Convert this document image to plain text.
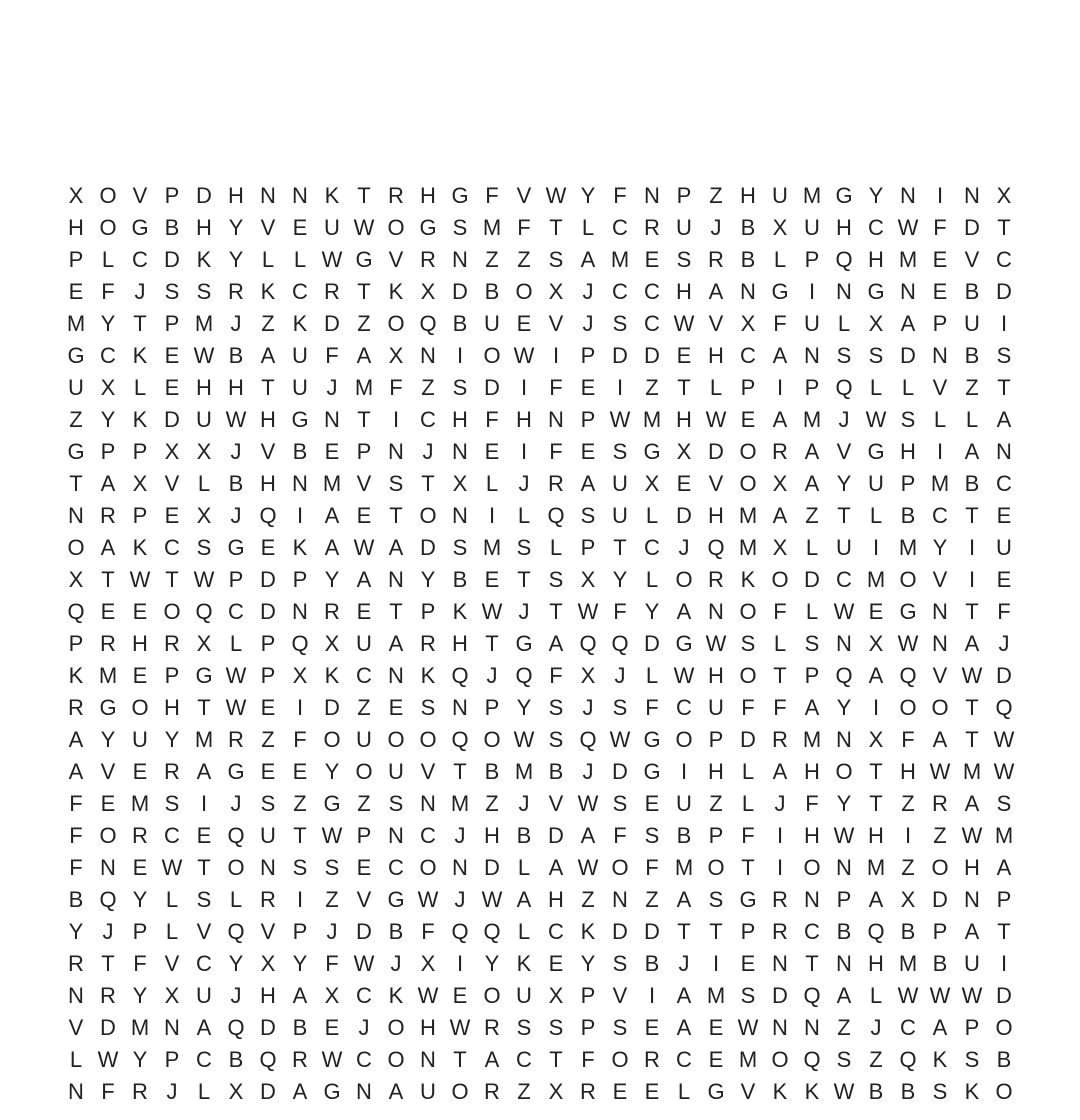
X	O	V	P	D	H	N	N	K	T	R	H	G	F	V	W	Y	F	N	P	Z	H	U	M	G	Y	N	I	N	X
H	O	G	B	H	Y	V	E	U	W	O	G	S	M	F	T	L	C	R	U	J	B	X	U	H	C	W	F	D	T
P	L	C	D	K	Y	L	L	W	G	V	R	N	Z	Z	S	A	M	E	S	R	B	L	P	Q	H	M	E	V	C
E	F	J	S	S	R	K	C	R	T	K	X	D	B	O	X	J	C	C	H	A	N	G	I	N	G	N	E	B	D
M	Y	T	P	M	J	Z	K	D	Z	O	Q	B	U	E	V	J	S	C	W	V	X	F	U	L	X	A	P	U	I
G	C	K	E	W	B	A	U	F	A	X	N	I	O	W	I	P	D	D	E	H	C	A	N	S	S	D	N	B	S
U	X	L	E	H	H	T	U	J	M	F	Z	S	D	I	F	E	I	Z	T	L	P	I	P	Q	L	L	V	Z	T
Z	Y	K	D	U	W	H	G	N	T	I	C	H	F	H	N	P	W	M	H	W	E	A	M	J	W	S	L	L	A
G	P	P	X	X	J	V	B	E	P	N	J	N	E	I	F	E	S	G	X	D	O	R	A	V	G	H	I	A	N
T	A	X	V	L	B	H	N	M	V	S	T	X	L	J	R	A	U	X	E	V	O	X	A	Y	U	P	M	B	C
N	R	P	E	X	J	Q	I	A	E	T	O	N	I	L	Q	S	U	L	D	H	M	A	Z	T	L	B	C	T	E
O	A	K	C	S	G	E	K	A	W	A	D	S	M	S	L	P	T	C	J	Q	M	X	L	U	I	M	Y	I	U
X	T	W	T	W	P	D	P	Y	A	N	Y	B	E	T	S	X	Y	L	O	R	K	O	D	C	M	O	V	I	E
Q	E	E	O	Q	C	D	N	R	E	T	P	K	W	J	T	W	F	Y	A	N	O	F	L	W	E	G	N	T	F
P	R	H	R	X	L	P	Q	X	U	A	R	H	T	G	A	Q	Q	D	G	W	S	L	S	N	X	W	N	A	J
K	M	E	P	G	W	P	X	K	C	N	K	Q	J	Q	F	X	J	L	W	H	O	T	P	Q	A	Q	V	W	D
R	G	O	H	T	W	E	I	D	Z	E	S	N	P	Y	S	J	S	F	C	U	F	F	A	Y	I	O	O	T	Q
A	Y	U	Y	M	R	Z	F	O	U	O	O	Q	O	W	S	Q	W	G	O	P	D	R	M	N	X	F	A	T	W
A	V	E	R	A	G	E	E	Y	O	U	V	T	B	M	B	J	D	G	I	H	L	A	H	O	T	H	W	M	W
F	E	M	S	I	J	S	Z	G	Z	S	N	M	Z	J	V	W	S	E	U	Z	L	J	F	Y	T	Z	R	A	S
F	O	R	C	E	Q	U	T	W	P	N	C	J	H	B	D	A	F	S	B	P	F	I	H	W	H	I	Z	W	M
F	N	E	W	T	O	N	S	S	E	C	O	N	D	L	A	W	O	F	M	O	T	I	O	N	M	Z	O	H	A
B	Q	Y	L	S	L	R	I	Z	V	G	W	J	W	A	H	Z	N	Z	A	S	G	R	N	P	A	X	D	N	P
Y	J	P	L	V	Q	V	P	J	D	B	F	Q	Q	L	C	K	D	D	T	T	P	R	C	B	Q	B	P	A	T
R	T	F	V	C	Y	X	Y	F	W	J	X	I	Y	K	E	Y	S	B	J	I	E	N	T	N	H	M	B	U	I
N	R	Y	X	U	J	H	A	X	C	K	W	E	O	U	X	P	V	I	A	M	S	D	Q	A	L	W	W	W	D
V	D	M	N	A	Q	D	B	E	J	O	H	W	R	S	S	P	S	E	A	E	W	N	N	Z	J	C	A	P	O
L	W	Y	P	C	B	Q	R	W	C	O	N	T	A	C	T	F	O	R	C	E	M	O	Q	S	Z	Q	K	S	B
N	F	R	J	L	X	D	A	G	N	A	U	O	R	Z	X	R	E	E	L	G	V	K	K	W	B	B	S	K	O
